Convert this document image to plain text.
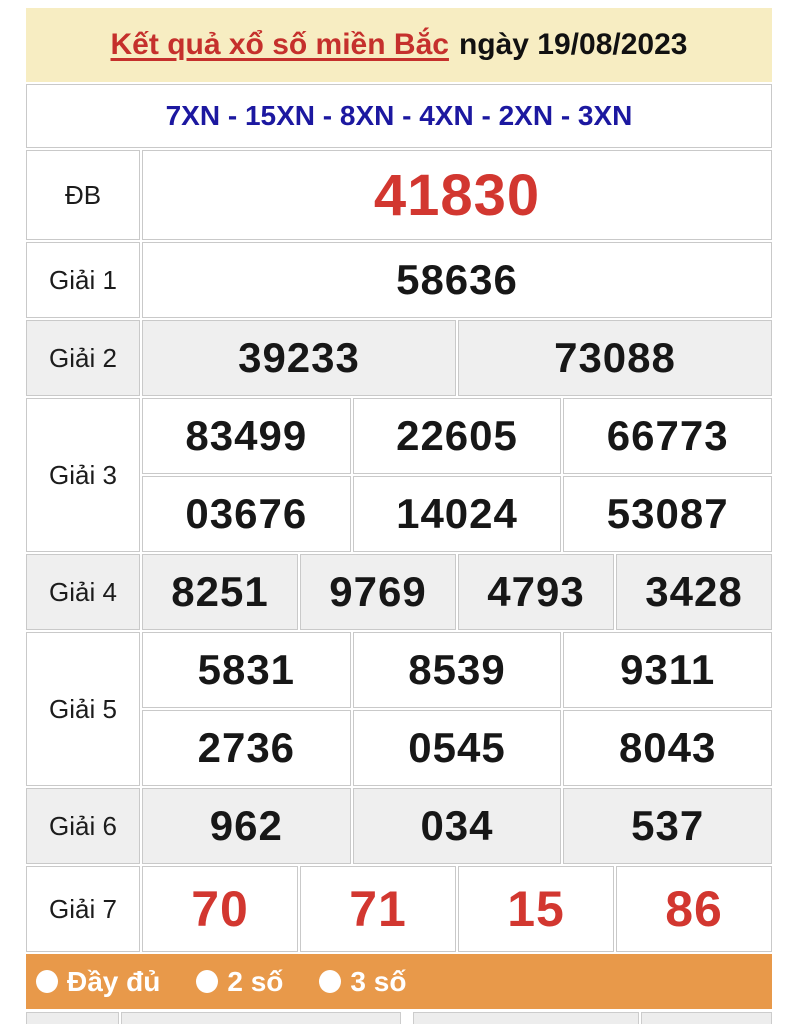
Kết quả xổ số miền Bắc ngày 19/08/2023
7XN - 15XN - 8XN - 4XN - 2XN - 3XN
ĐB	41830
Giải 1	58636
Giải 2	39233	73088
Giải 3
83499	22605	66773
03676	14024	53087
Giải 4	8251	9769	4793	3428
Giải 5
5831	8539	9311
2736	0545	8043
Giải 6	962	034	537
Giải 7	70	71	15	86
Đầy đủ 2 số 3 số
